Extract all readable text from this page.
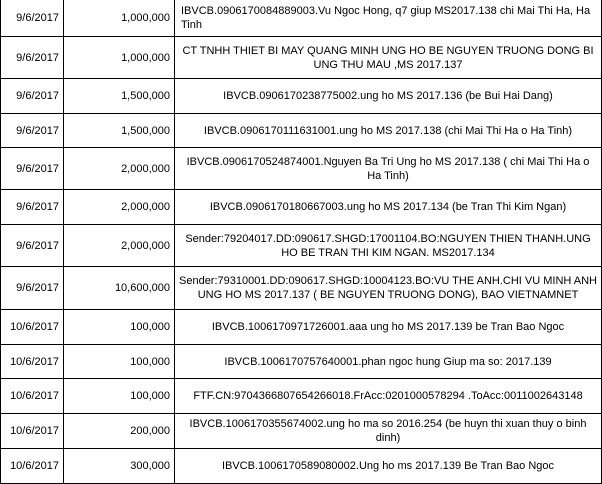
9/6/2017	1,000,000	IBVCB.0906170084889003.Vu Ngoc Hong, q7 giup MS2017.138 chi Mai Thi Ha, Ha Tinh
9/6/2017	1,000,000	CT TNHH THIET BI MAY QUANG MINH UNG HO BE NGUYEN TRUONG DONG BI UNG THU MAU ,MS 2017.137
9/6/2017	1,500,000	IBVCB.0906170238775002.ung ho MS 2017.136 (be Bui Hai Dang)
9/6/2017	1,500,000	IBVCB.0906170111631001.ung ho MS 2017.138 (chi Mai Thi Ha o Ha Tinh)
9/6/2017	2,000,000	IBVCB.0906170524874001.Nguyen Ba Tri Ung ho MS 2017.138 ( chi Mai Thi Ha o Ha Tinh)
9/6/2017	2,000,000	IBVCB.0906170180667003.ung ho MS 2017.134 (be Tran Thi Kim Ngan)
9/6/2017	2,000,000	Sender:79204017.DD:090617.SHGD:17001104.BO:NGUYEN THIEN THANH.UNG HO BE TRAN THI KIM NGAN. MS2017.134
9/6/2017	10,600,000	Sender:79310001.DD:090617.SHGD:10004123.BO:VU THE ANH.CHI VU MINH ANH UNG HO MS 2017.137 ( BE NGUYEN TRUONG DONG), BAO VIETNAMNET
10/6/2017	100,000	IBVCB.1006170971726001.aaa ung ho MS 2017.139 be Tran Bao Ngoc
10/6/2017	100,000	IBVCB.1006170757640001.phan ngoc hung Giup ma so: 2017.139
10/6/2017	100,000	FTF.CN:9704366807654266018.FrAcc:0201000578294 .ToAcc:0011002643148
10/6/2017	200,000	IBVCB.1006170355674002.ung ho ma so 2016.254 (be huyn thi xuan thuy o binh dinh)
10/6/2017	300,000	IBVCB.1006170589080002.Ung ho ms 2017.139 Be Tran Bao Ngoc
